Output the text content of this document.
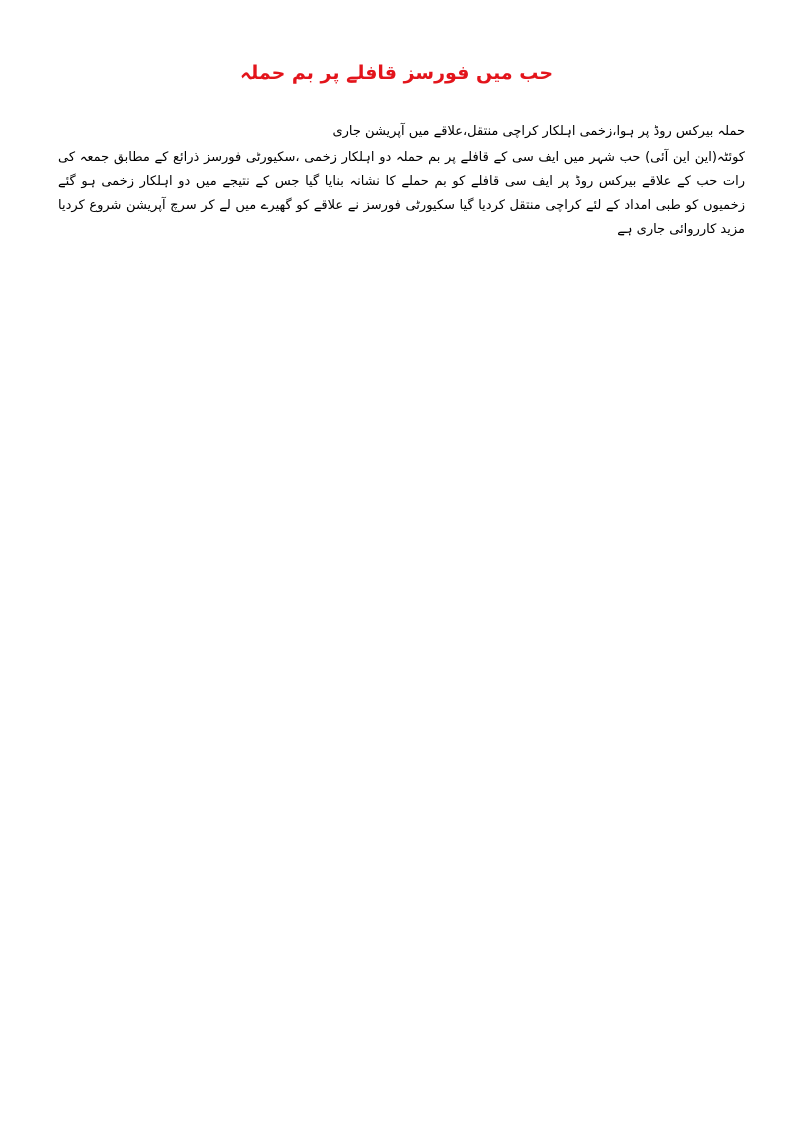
حب میں فورسز قافلے پر بم حملہ

حملہ بیرکس روڈ پر ہوا،زخمی اہلکار کراچی منتقل،علاقے میں آپریشن جاری

کوئٹہ(این این آئی) حب شہر میں ایف سی کے قافلے پر بم حملہ دو اہلکار زخمی ،سکیورٹی فورسز ذرائع کے مطابق جمعہ کی رات حب کے علاقے بیرکس روڈ پر ایف سی قافلے کو بم حملے کا نشانہ بنایا گیا جس کے نتیجے میں دو اہلکار زخمی ہو گئے زخمیوں کو طبی امداد کے لئے کراچی منتقل کردیا گیا سکیورٹی فورسز نے علاقے کو گھیرے میں لے کر سرچ آپریشن شروع کردیا مزید کارروائی جاری ہے
